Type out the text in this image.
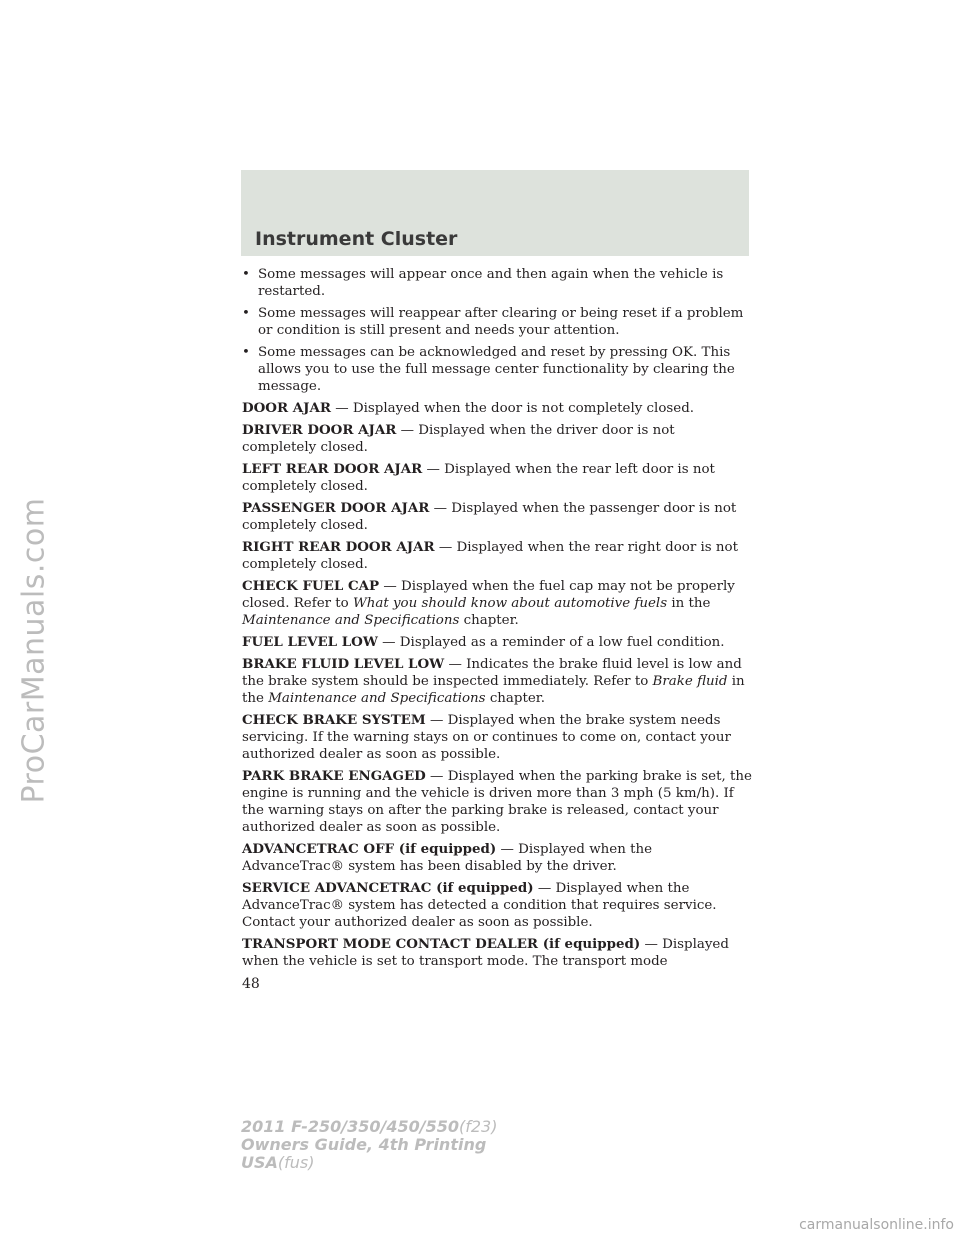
ProCarManuals.com
Instrument Cluster
• Some messages will appear once and then again when the vehicle is restarted.
• Some messages will reappear after clearing or being reset if a problem or condition is still present and needs your attention.
• Some messages can be acknowledged and reset by pressing OK. This allows you to use the full message center functionality by clearing the message.
DOOR AJAR — Displayed when the door is not completely closed.
DRIVER DOOR AJAR — Displayed when the driver door is not completely closed.
LEFT REAR DOOR AJAR — Displayed when the rear left door is not completely closed.
PASSENGER DOOR AJAR — Displayed when the passenger door is not completely closed.
RIGHT REAR DOOR AJAR — Displayed when the rear right door is not completely closed.
CHECK FUEL CAP — Displayed when the fuel cap may not be properly closed. Refer to What you should know about automotive fuels in the Maintenance and Specifications chapter.
FUEL LEVEL LOW — Displayed as a reminder of a low fuel condition.
BRAKE FLUID LEVEL LOW — Indicates the brake fluid level is low and the brake system should be inspected immediately. Refer to Brake fluid in the Maintenance and Specifications chapter.
CHECK BRAKE SYSTEM — Displayed when the brake system needs servicing. If the warning stays on or continues to come on, contact your authorized dealer as soon as possible.
PARK BRAKE ENGAGED — Displayed when the parking brake is set, the engine is running and the vehicle is driven more than 3 mph (5 km/h). If the warning stays on after the parking brake is released, contact your authorized dealer as soon as possible.
ADVANCETRAC OFF (if equipped) — Displayed when the AdvanceTrac® system has been disabled by the driver.
SERVICE ADVANCETRAC (if equipped) — Displayed when the AdvanceTrac® system has detected a condition that requires service. Contact your authorized dealer as soon as possible.
TRANSPORT MODE CONTACT DEALER (if equipped) — Displayed when the vehicle is set to transport mode. The transport mode
48
2011 F-250/350/450/550(f23)
Owners Guide, 4th Printing
USA(fus)
carmanualsonline.info
